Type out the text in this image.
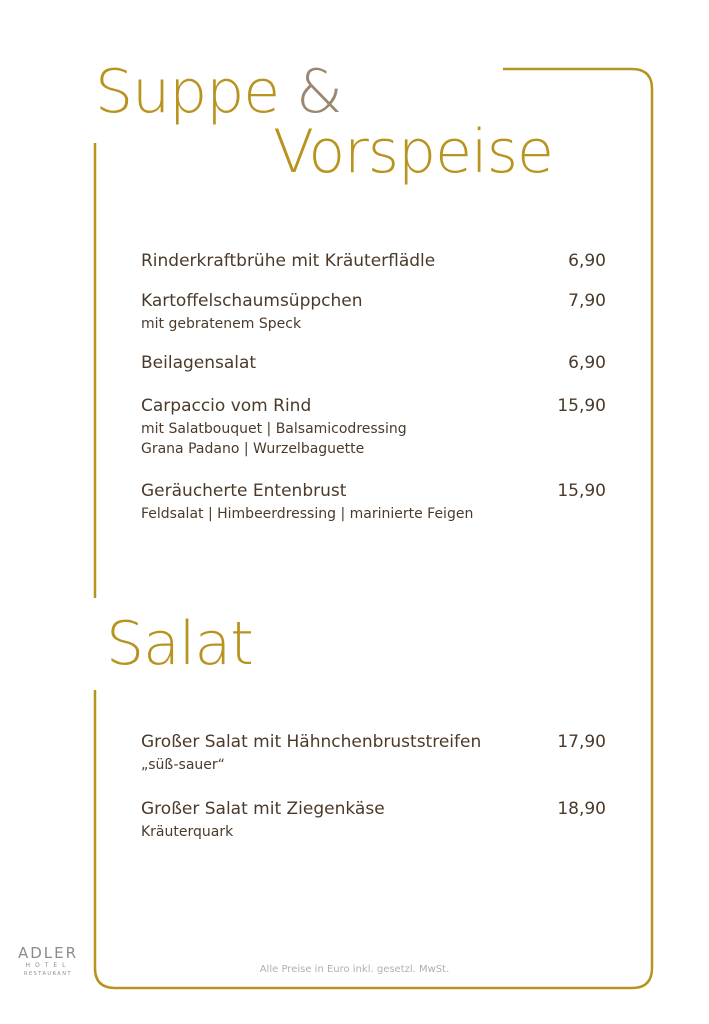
Suppe &
Vorspeise
Rinderkraftbrühe mit Kräuterflädle	6,90
Kartoffelschaumsüppchen	7,90
mit gebratenem Speck
Beilagensalat	6,90
Carpaccio vom Rind	15,90
mit Salatbouquet | Balsamicodressing
Grana Padano | Wurzelbaguette
Geräucherte Entenbrust	15,90
Feldsalat | Himbeerdressing | marinierte Feigen
Salat
Großer Salat mit Hähnchenbruststreifen	17,90
„süß-sauer“
Großer Salat mit Ziegenkäse	18,90
Kräuterquark
Alle Preise in Euro inkl. gesetzl. MwSt.
ADLER
HOTEL
RESTAURANT
